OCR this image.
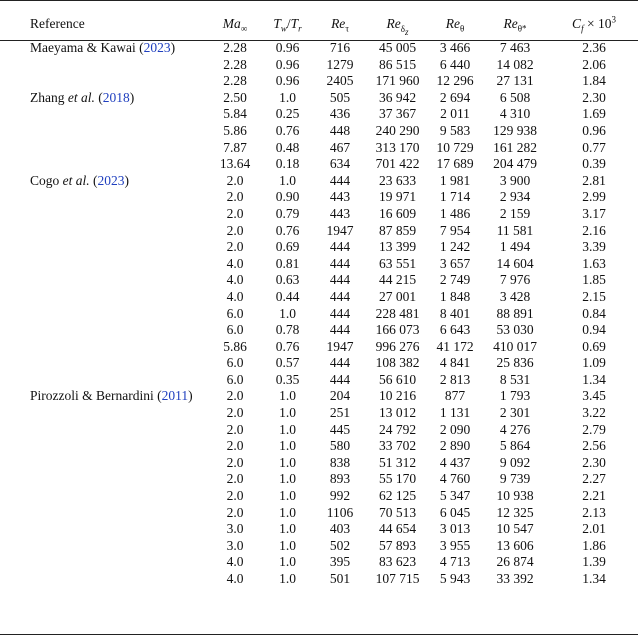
Reference	$Ma_\infty$	$T_w/T_r$	$Re_\tau$	$Re_{\delta_z}$	$Re_\theta$	$Re_{\theta*}$	$C_f \times 10^3$
Maeyama & Kawai (2023)	2.28	0.96	716	45 005	3 466	7 463	2.36
	2.28	0.96	1279	86 515	6 440	14 082	2.06
	2.28	0.96	2405	171 960	12 296	27 131	1.84
Zhang et al. (2018)	2.50	1.0	505	36 942	2 694	6 508	2.30
	5.84	0.25	436	37 367	2 011	4 310	1.69
	5.86	0.76	448	240 290	9 583	129 938	0.96
	7.87	0.48	467	313 170	10 729	161 282	0.77
	13.64	0.18	634	701 422	17 689	204 479	0.39
Cogo et al. (2023)	2.0	1.0	444	23 633	1 981	3 900	2.81
	2.0	0.90	443	19 971	1 714	2 934	2.99
	2.0	0.79	443	16 609	1 486	2 159	3.17
	2.0	0.76	1947	87 859	7 954	11 581	2.16
	2.0	0.69	444	13 399	1 242	1 494	3.39
	4.0	0.81	444	63 551	3 657	14 604	1.63
	4.0	0.63	444	44 215	2 749	7 976	1.85
	4.0	0.44	444	27 001	1 848	3 428	2.15
	6.0	1.0	444	228 481	8 401	88 891	0.84
	6.0	0.78	444	166 073	6 643	53 030	0.94
	5.86	0.76	1947	996 276	41 172	410 017	0.69
	6.0	0.57	444	108 382	4 841	25 836	1.09
	6.0	0.35	444	56 610	2 813	8 531	1.34
Pirozzoli & Bernardini (2011)	2.0	1.0	204	10 216	877	1 793	3.45
	2.0	1.0	251	13 012	1 131	2 301	3.22
	2.0	1.0	445	24 792	2 090	4 276	2.79
	2.0	1.0	580	33 702	2 890	5 864	2.56
	2.0	1.0	838	51 312	4 437	9 092	2.30
	2.0	1.0	893	55 170	4 760	9 739	2.27
	2.0	1.0	992	62 125	5 347	10 938	2.21
	2.0	1.0	1106	70 513	6 045	12 325	2.13
	3.0	1.0	403	44 654	3 013	10 547	2.01
	3.0	1.0	502	57 893	3 955	13 606	1.86
	4.0	1.0	395	83 623	4 713	26 874	1.39
	4.0	1.0	501	107 715	5 943	33 392	1.34
